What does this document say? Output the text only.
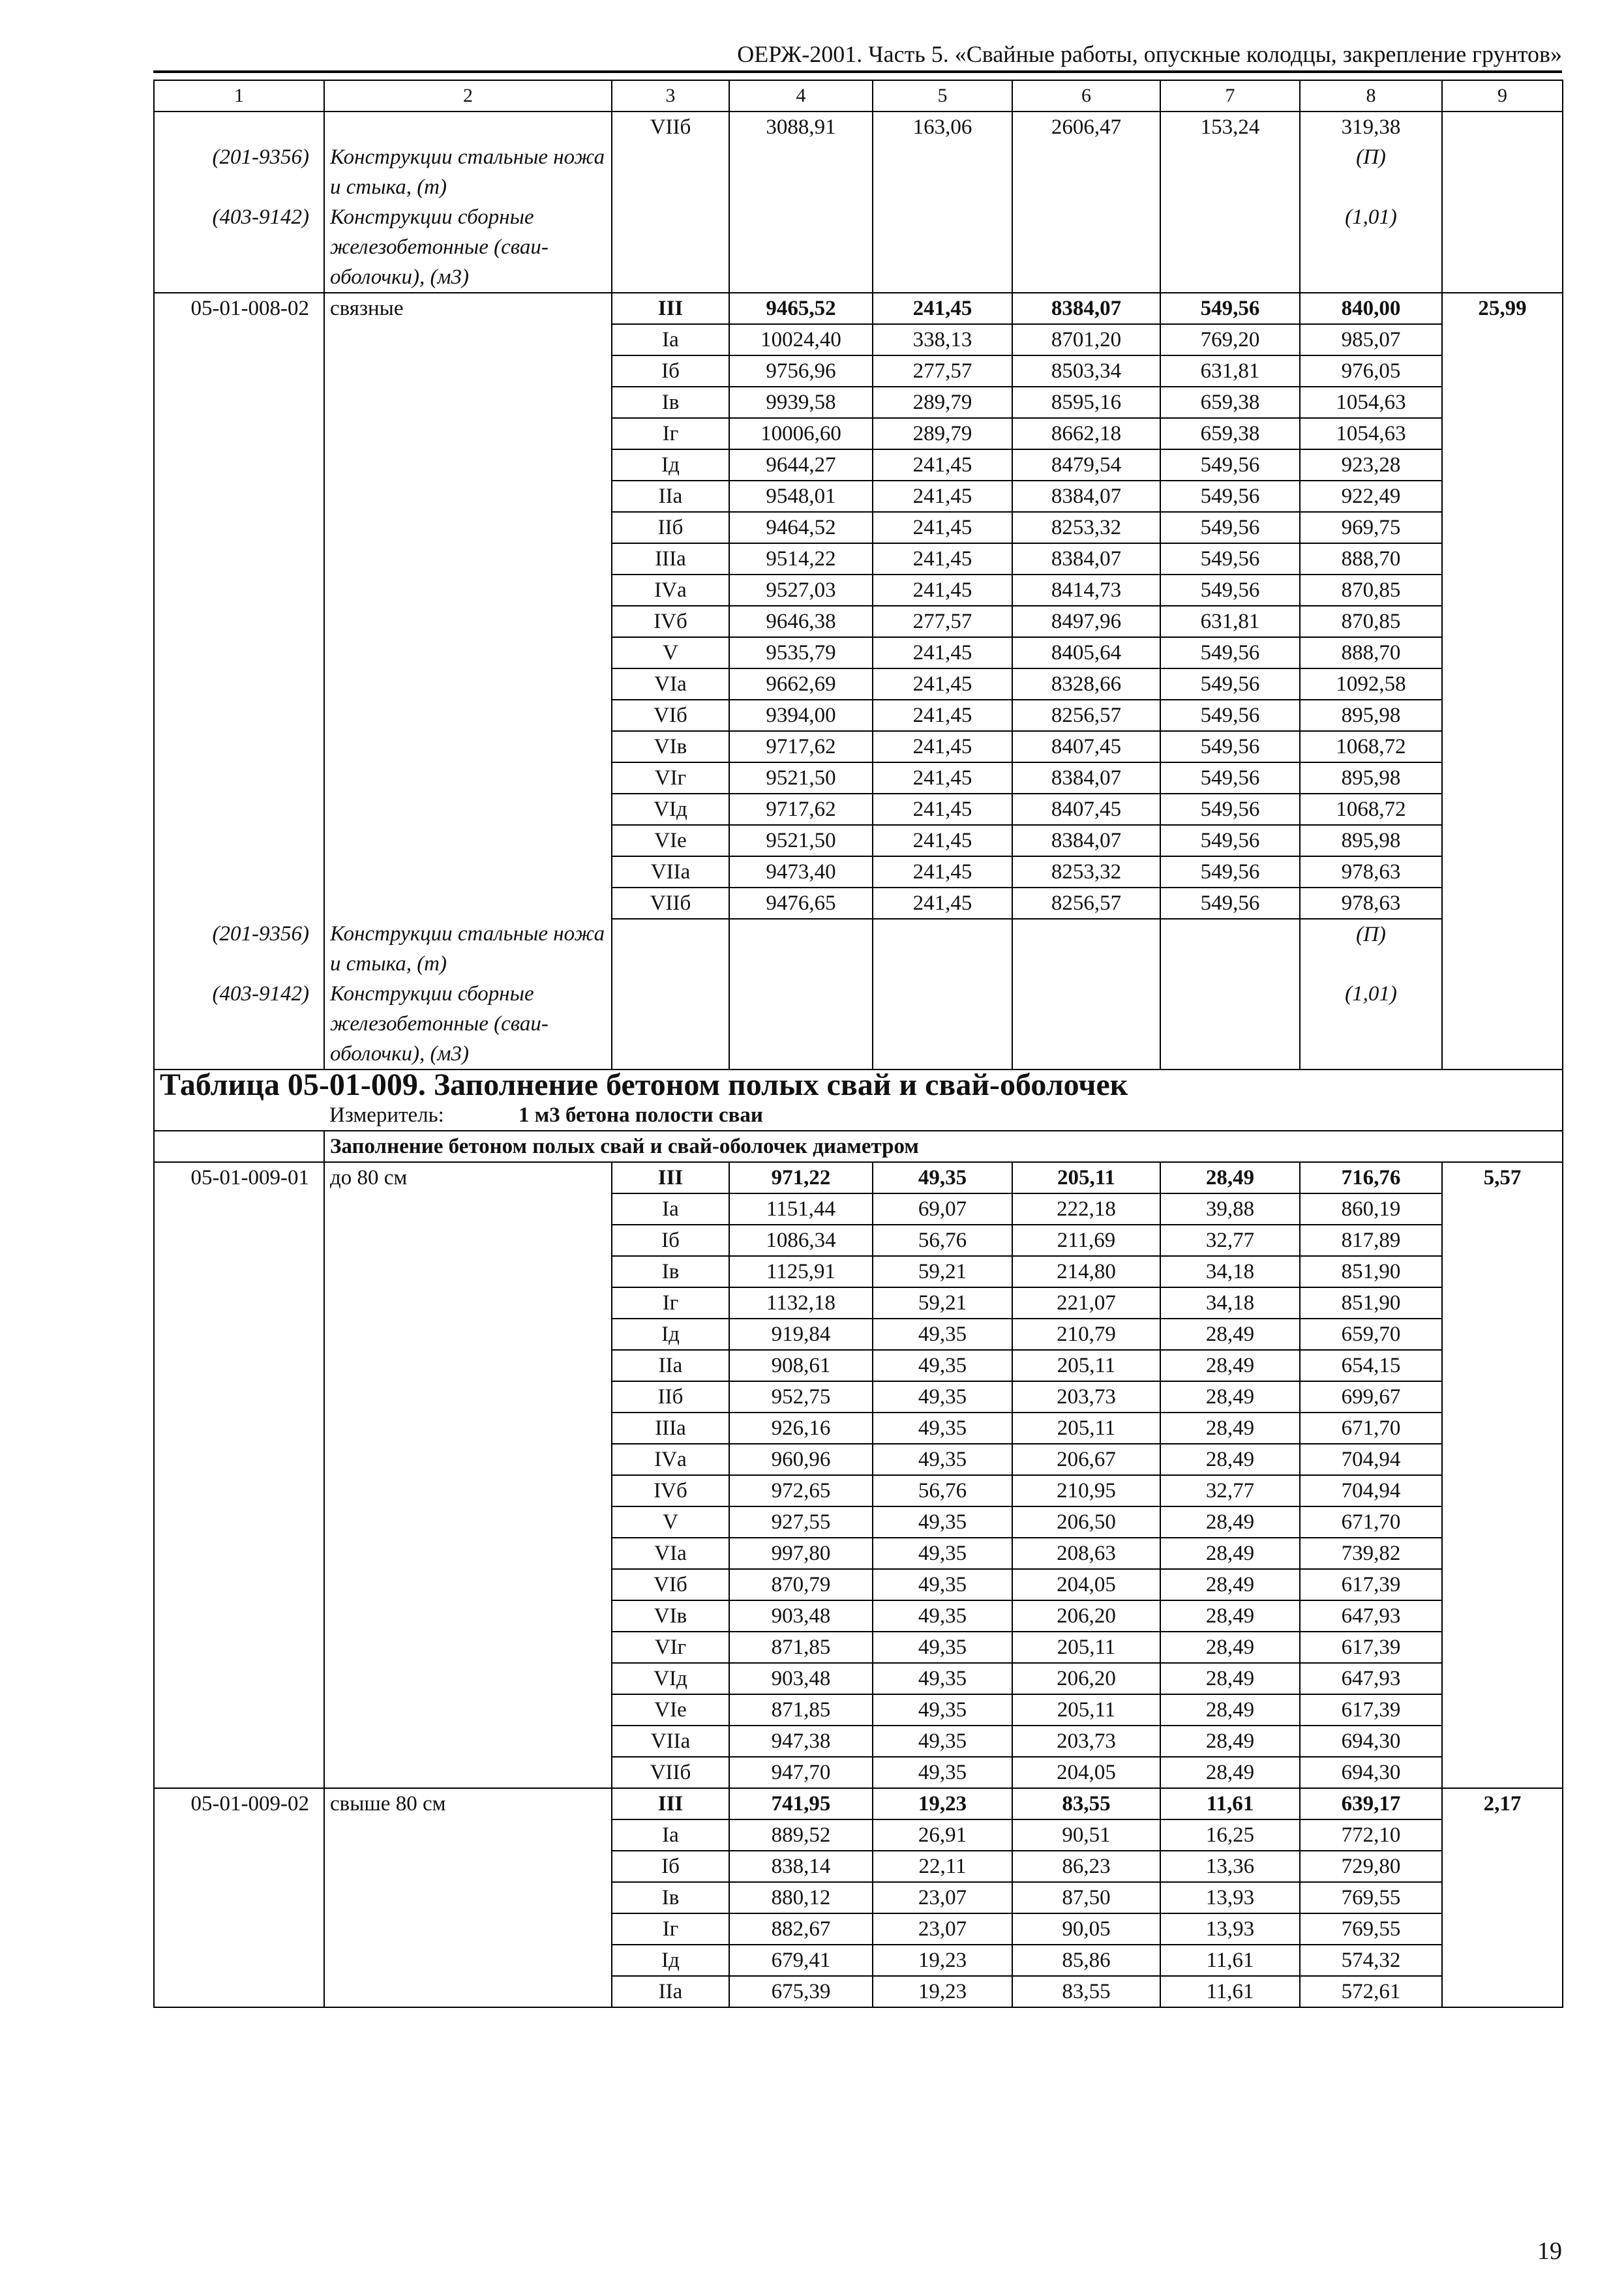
ОЕРЖ-2001. Часть 5. «Свайные работы, опускные колодцы, закрепление грунтов»
1	2	3	4	5	6	7	8	9
		VIIб	3088,91	163,06	2606,47	153,24	319,38	
(201-9356)	Конструкции стальные ножа и стыка, (т)						(П)	
(403-9142)	Конструкции сборные железобетонные (сваи-оболочки), (м3)						(1,01)	
05-01-008-02	связные	III	9465,52	241,45	8384,07	549,56	840,00	25,99
		Iа	10024,40	338,13	8701,20	769,20	985,07	
		Iб	9756,96	277,57	8503,34	631,81	976,05	
		Iв	9939,58	289,79	8595,16	659,38	1054,63	
		Iг	10006,60	289,79	8662,18	659,38	1054,63	
		Iд	9644,27	241,45	8479,54	549,56	923,28	
		IIа	9548,01	241,45	8384,07	549,56	922,49	
		IIб	9464,52	241,45	8253,32	549,56	969,75	
		IIIа	9514,22	241,45	8384,07	549,56	888,70	
		IVа	9527,03	241,45	8414,73	549,56	870,85	
		IVб	9646,38	277,57	8497,96	631,81	870,85	
		V	9535,79	241,45	8405,64	549,56	888,70	
		VIа	9662,69	241,45	8328,66	549,56	1092,58	
		VIб	9394,00	241,45	8256,57	549,56	895,98	
		VIв	9717,62	241,45	8407,45	549,56	1068,72	
		VIг	9521,50	241,45	8384,07	549,56	895,98	
		VIд	9717,62	241,45	8407,45	549,56	1068,72	
		VIе	9521,50	241,45	8384,07	549,56	895,98	
		VIIа	9473,40	241,45	8253,32	549,56	978,63	
		VIIб	9476,65	241,45	8256,57	549,56	978,63	
(201-9356)	Конструкции стальные ножа и стыка, (т)						(П)	
(403-9142)	Конструкции сборные железобетонные (сваи-оболочки), (м3)						(1,01)	
Таблица 05-01-009. Заполнение бетоном полых свай и свай-оболочек								
	Измеритель: 1 м3 бетона полости сваи							
	Заполнение бетоном полых свай и свай-оболочек диаметром							
05-01-009-01	до 80 см	III	971,22	49,35	205,11	28,49	716,76	5,57
		Iа	1151,44	69,07	222,18	39,88	860,19	
		Iб	1086,34	56,76	211,69	32,77	817,89	
		Iв	1125,91	59,21	214,80	34,18	851,90	
		Iг	1132,18	59,21	221,07	34,18	851,90	
		Iд	919,84	49,35	210,79	28,49	659,70	
		IIа	908,61	49,35	205,11	28,49	654,15	
		IIб	952,75	49,35	203,73	28,49	699,67	
		IIIа	926,16	49,35	205,11	28,49	671,70	
		IVа	960,96	49,35	206,67	28,49	704,94	
		IVб	972,65	56,76	210,95	32,77	704,94	
		V	927,55	49,35	206,50	28,49	671,70	
		VIа	997,80	49,35	208,63	28,49	739,82	
		VIб	870,79	49,35	204,05	28,49	617,39	
		VIв	903,48	49,35	206,20	28,49	647,93	
		VIг	871,85	49,35	205,11	28,49	617,39	
		VIд	903,48	49,35	206,20	28,49	647,93	
		VIе	871,85	49,35	205,11	28,49	617,39	
		VIIа	947,38	49,35	203,73	28,49	694,30	
		VIIб	947,70	49,35	204,05	28,49	694,30	
05-01-009-02	свыше 80 см	III	741,95	19,23	83,55	11,61	639,17	2,17
		Iа	889,52	26,91	90,51	16,25	772,10	
		Iб	838,14	22,11	86,23	13,36	729,80	
		Iв	880,12	23,07	87,50	13,93	769,55	
		Iг	882,67	23,07	90,05	13,93	769,55	
		Iд	679,41	19,23	85,86	11,61	574,32	
		IIа	675,39	19,23	83,55	11,61	572,61	
19
